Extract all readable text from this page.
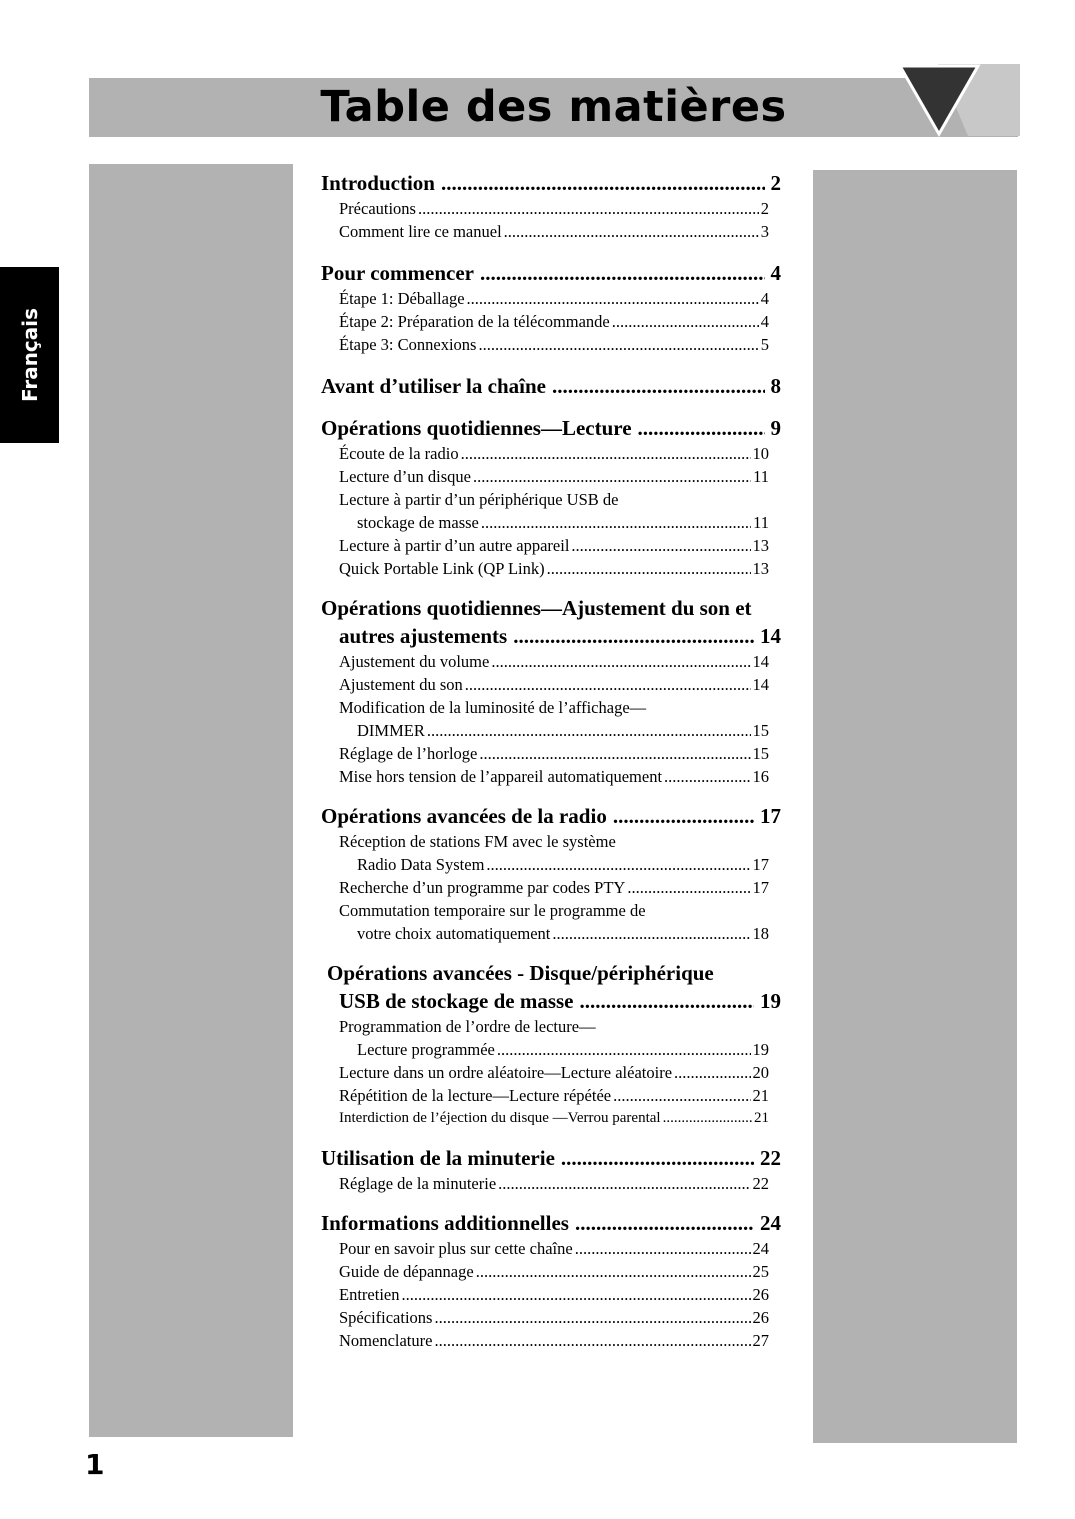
Table des matières
Français
Introduction .....	2
Précautions .....	2
Comment lire ce manuel .....	3
Pour commencer .....	4
Étape 1: Déballage .....	4
Étape 2: Préparation de la télécommande .....	4
Étape 3: Connexions .....	5
Avant d’utiliser la chaîne .....	8
Opérations quotidiennes—Lecture .....	9
Écoute de la radio .....	10
Lecture d’un disque .....	11
Lecture à partir d’un périphérique USB de
stockage de masse .....	11
Lecture à partir d’un autre appareil .....	13
Quick Portable Link (QP Link) .....	13
Opérations quotidiennes—Ajustement du son et
autres ajustements .....	14
Ajustement du volume .....	14
Ajustement du son .....	14
Modification de la luminosité de l’affichage—
DIMMER .....	15
Réglage de l’horloge .....	15
Mise hors tension de l’appareil automatiquement .....	16
Opérations avancées de la radio .....	17
Réception de stations FM avec le système
Radio Data System .....	17
Recherche d’un programme par codes PTY .....	17
Commutation temporaire sur le programme de
votre choix automatiquement .....	18
Opérations avancées - Disque/périphérique
USB de stockage de masse .....	19
Programmation de l’ordre de lecture—
Lecture programmée .....	19
Lecture dans un ordre aléatoire—Lecture aléatoire .....	20
Répétition de la lecture—Lecture répétée .....	21
Interdiction de l’éjection du disque —Verrou parental .....	21
Utilisation de la minuterie .....	22
Réglage de la minuterie .....	22
Informations additionnelles .....	24
Pour en savoir plus sur cette chaîne .....	24
Guide de dépannage .....	25
Entretien .....	26
Spécifications .....	26
Nomenclature .....	27
1
